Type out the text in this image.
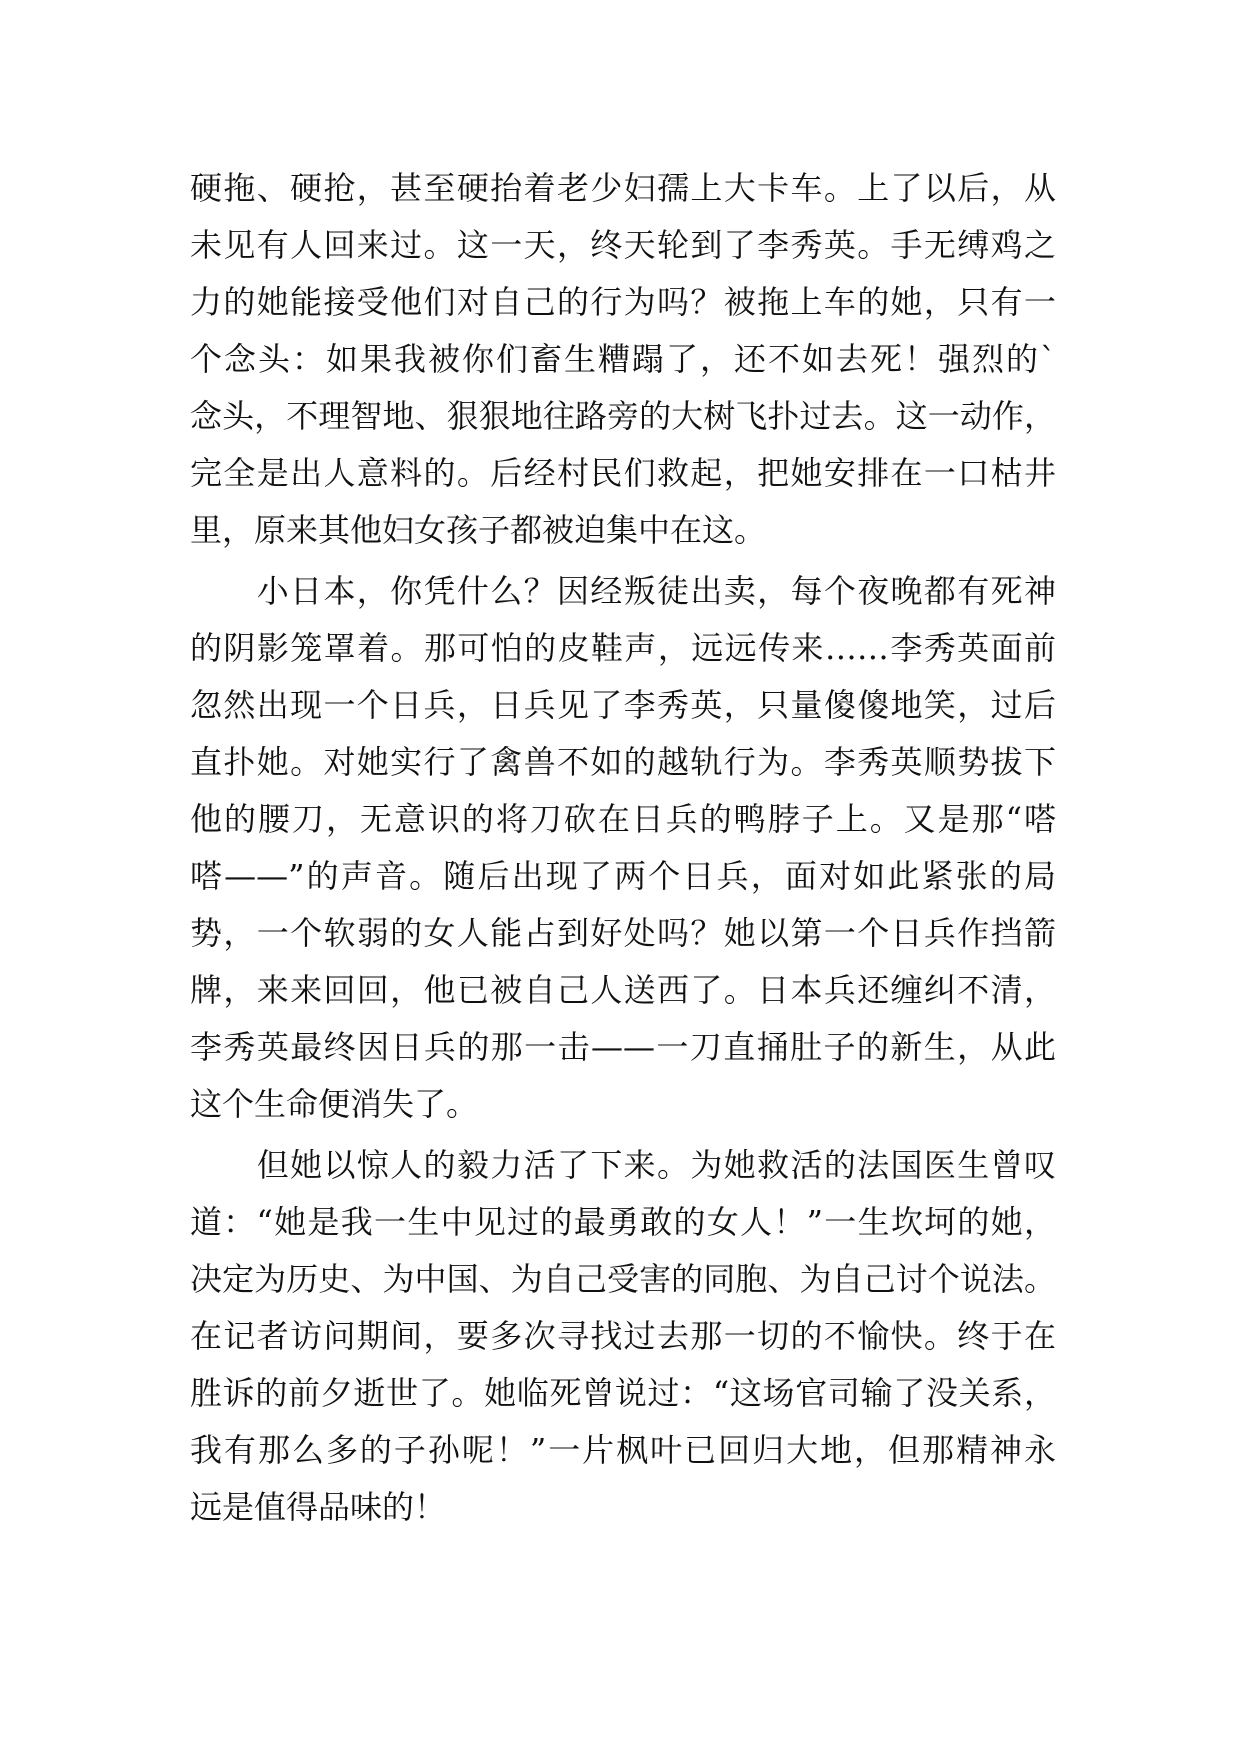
硬拖、硬抢，甚至硬抬着老少妇孺上大卡车。上了以后，从
未见有人回来过。这一天，终天轮到了李秀英。手无缚鸡之
力的她能接受他们对自己的行为吗？被拖上车的她，只有一
个念头：如果我被你们畜生糟蹋了，还不如去死！强烈的`
念头，不理智地、狠狠地往路旁的大树飞扑过去。这一动作，
完全是出人意料的。后经村民们救起，把她安排在一口枯井
里，原来其他妇女孩子都被迫集中在这。
　　小日本，你凭什么？因经叛徒出卖，每个夜晚都有死神
的阴影笼罩着。那可怕的皮鞋声，远远传来……李秀英面前
忽然出现一个日兵，日兵见了李秀英，只量傻傻地笑，过后
直扑她。对她实行了禽兽不如的越轨行为。李秀英顺势拔下
他的腰刀，无意识的将刀砍在日兵的鸭脖子上。又是那“嗒
嗒——”的声音。随后出现了两个日兵，面对如此紧张的局
势，一个软弱的女人能占到好处吗？她以第一个日兵作挡箭
牌，来来回回，他已被自己人送西了。日本兵还缠纠不清，
李秀英最终因日兵的那一击——一刀直捅肚子的新生，从此
这个生命便消失了。
　　但她以惊人的毅力活了下来。为她救活的法国医生曾叹
道：“她是我一生中见过的最勇敢的女人！”一生坎坷的她，
决定为历史、为中国、为自己受害的同胞、为自己讨个说法。
在记者访问期间，要多次寻找过去那一切的不愉快。终于在
胜诉的前夕逝世了。她临死曾说过：“这场官司输了没关系，
我有那么多的子孙呢！”一片枫叶已回归大地，但那精神永
远是值得品味的！
